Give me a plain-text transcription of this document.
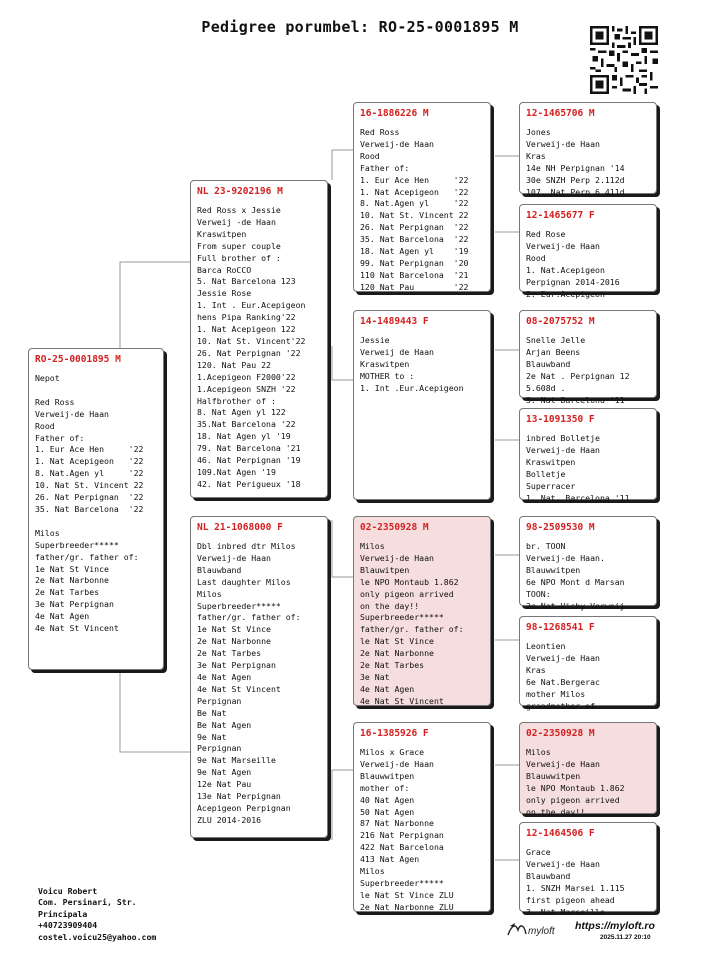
Pedigree porumbel: RO-25-0001895 M
RO-25-0001895 M
Nepot

Red Ross
Verweij-de Haan
Rood
Father of:
1. Eur Ace Hen     '22
1. Nat Acepigeon   '22
8. Nat.Agen yl     '22
10. Nat St. Vincent 22
26. Nat Perpignan  '22
35. Nat Barcelona  '22

Milos
Superbreeder*****
father/gr. father of:
1e Nat St Vince
2e Nat Narbonne
2e Nat Tarbes
3e Nat Perpignan
4e Nat Agen
4e Nat St Vincent
NL 23-9202196 M
Red Ross x Jessie
Verweij -de Haan
Kraswitpen
From super couple
Full brother of :
Barca RoCCO
5. Nat Barcelona 123
Jessie Rose
1. Int . Eur.Acepigeon
hens Pipa Ranking'22
1. Nat Acepigeon 122
10. Nat St. Vincent'22
26. Nat Perpignan '22
120. Nat Pau 22
1.Acepigeon F2000'22
1.Acepigeon SNZH '22
Halfbrother of :
8. Nat Agen yl 122
35.Nat Barcelona '22
18. Nat Agen yl '19
79. Nat Barcelona '21
46. Nat Perpignan '19
109.Nat Agen '19
42. Nat Perigueux '18
NL 21-1068000 F
Dbl inbred dtr Milos
Verweij-de Haan
Blauwband
Last daughter Milos
Milos
Superbreeder*****
father/gr. father of:
1e Nat St Vince
2e Nat Narbonne
2e Nat Tarbes
3e Nat Perpignan
4e Nat Agen
4e Nat St Vincent
Perpignan
Be Nat
Be Nat Agen
9e Nat
Perpignan
9e Nat Marseille
9e Nat Agen
12e Nat Pau
13e Nat Perpignan
Acepigeon Perpignan
ZLU 2014-2016
16-1886226 M
Red Ross
Verweij-de Haan
Rood
Father of:
1. Eur Ace Hen     '22
1. Nat Acepigeon   '22
8. Nat.Agen yl     '22
10. Nat St. Vincent 22
26. Nat Perpignan  '22
35. Nat Barcelona  '22
18. Nat Agen yl    '19
99. Nat Perpignan  '20
110 Nat Barcelona  '21
120 Nat Pau        '22
14-1489443 F
Jessie
Verweij de Haan
Kraswitpen
MOTHER to :
1. Int .Eur.Acepigeon
02-2350928 M
Milos
Verweij-de Haan
Blauwitpen
le NPO Montaub 1.862
only pigeon arrived
on the day!!
Superbreeder*****
father/gr. father of:
le Nat St Vince
2e Nat Narbonne
2e Nat Tarbes
3e Nat
4e Nat Agen
4e Nat St Vincent
16-1385926 F
Milos x Grace
Verweij-de Haan
Blauwwitpen
mother of:
40 Nat Agen
50 Nat Agen
87 Nat Narbonne
216 Nat Perpignan
422 Nat Barcelona
413 Nat Agen
Milos
Superbreeder*****
le Nat St Vince ZLU
2e Nat Narbonne ZLU
12-1465706 M
Jones
Verweij-de Haan
Kras
14e NH Perpignan '14
30e SNZH Perp 2.112d
107. Nat Perp 6.411d
12-1465677 F
Red Rose
Verweij-de Haan
Rood
1. Nat.Acepigeon
Perpignan 2014-2016
2. Eur.Acepigeon
08-2075752 M
Snelle Jelle
Arjan Beens
Blauwband
2e Nat . Perpignan 12
5.608d .
3. Nat Barcelona '11
13-1091350 F
inbred Bolletje
Verweij-de Haan
Kraswitpen
Bolletje
Superracer
1. Nat. Barcelona '11
98-2509530 M
br. TOON
Verweij-de Haan.
Blauwwitpen
6e NPO Mont d Marsan
TOON:
2e Nat Vichy Verweij
98-1268541 F
Leontien
Verweij-de Haan
Kras
6e Nat.Bergerac
mother Milos
grandmother of
02-2350928 M
Milos
Verweij-de Haan
Blauwwitpen
le NPO Montaub 1.862
only pigeon arrived
on the day!!
12-1464506 F
Grace
Verweij-de Haan
Blauwband
1. SNZH Marsei 1.115
first pigeon ahead
3. Nat Marseille
Voicu Robert
Com. Persinari, Str.
Principala
+40723909404
costel.voicu25@yahoo.com	myloft https://myloft.ro
2025.11.27 20:10
